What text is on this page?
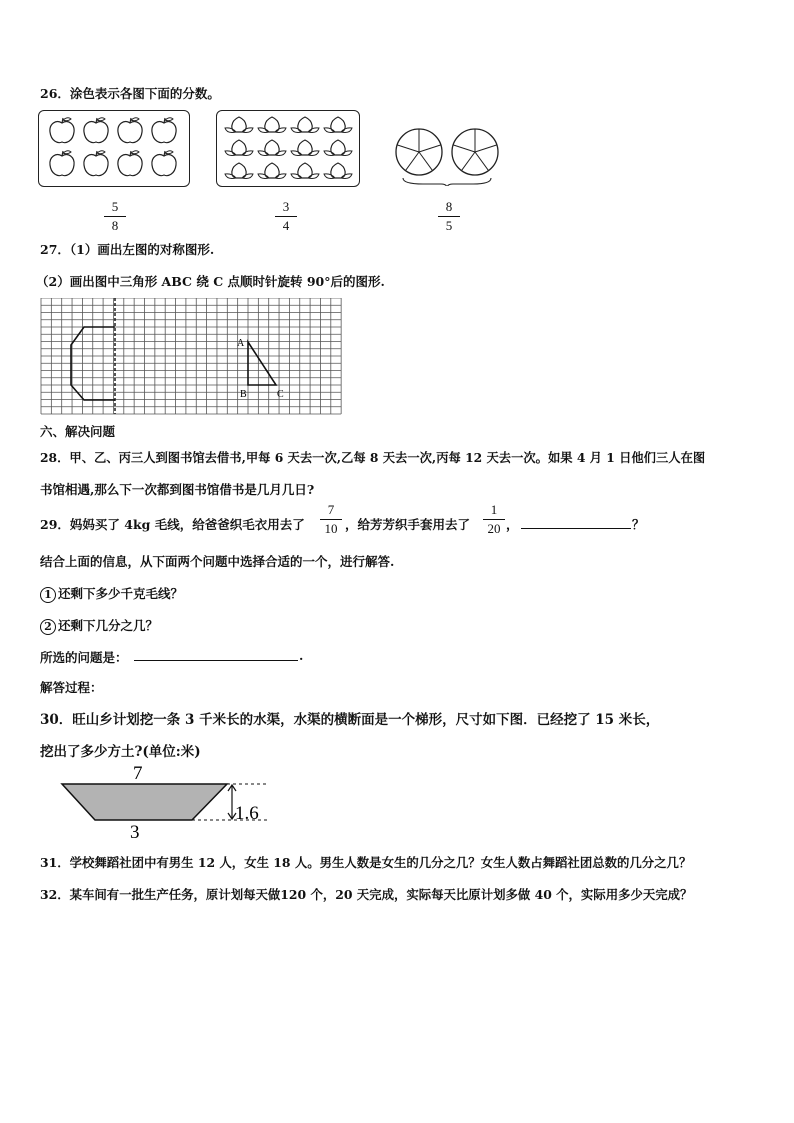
26．涂色表示各图下面的分数。
5
8
3
4
8
5
27．（1）画出左图的对称图形.
（2）画出图中三角形 ABC 绕 C 点顺时针旋转 90°后的图形.
A
B	C
六、解决问题
28．甲、乙、丙三人到图书馆去借书,甲每 6 天去一次,乙每 8 天去一次,丙每 12 天去一次。如果 4 月 1 日他们三人在图
书馆相遇,那么下一次都到图书馆借书是几月几日?
29．妈妈买了 4kg 毛线，给爸爸织毛衣用去了
7
10 ，给芳芳织手套用去了
1
20 ，	？
结合上面的信息，从下面两个问题中选择合适的一个，进行解答.
1 还剩下多少千克毛线？
2 还剩下几分之几？
所选的问题是：	.
解答过程：
30．旺山乡计划挖一条 3 千米长的水渠，水渠的横断面是一个梯形，尺寸如下图．已经挖了 15 米长，
挖出了多少方土?(单位:米)
7
3
1.6
31．学校舞蹈社团中有男生 12 人，女生 18 人。男生人数是女生的几分之几？女生人数占舞蹈社团总数的几分之几？
32．某车间有一批生产任务，原计划每天做120 个，20 天完成，实际每天比原计划多做 40 个，实际用多少天完成？
